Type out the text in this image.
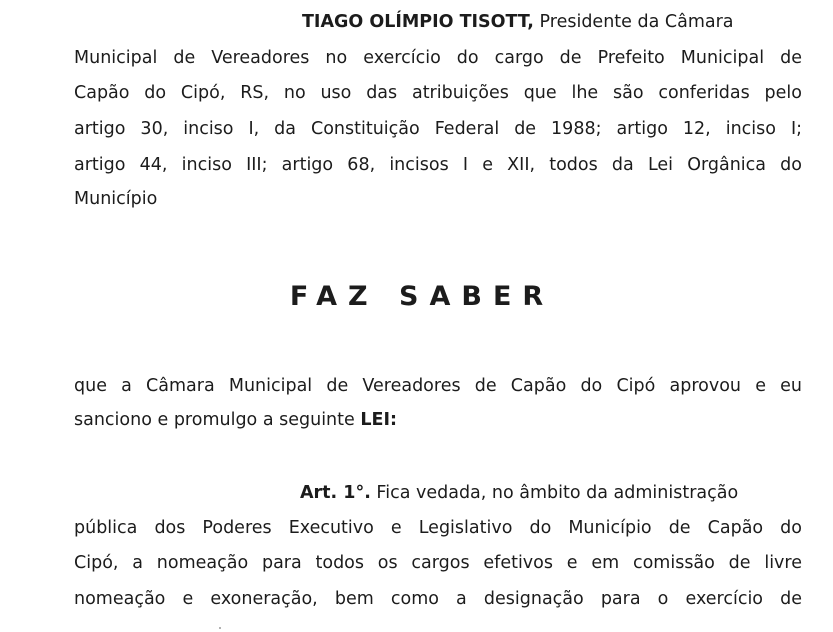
TIAGO OLÍMPIO TISOTT, Presidente da Câmara
Municipal de Vereadores no exercício do cargo de Prefeito Municipal de
Capão do Cipó, RS, no uso das atribuições que lhe são conferidas pelo
artigo 30, inciso I, da Constituição Federal de 1988; artigo 12, inciso I;
artigo 44, inciso III; artigo 68, incisos I e XII, todos da Lei Orgânica do
Município
FAZ SABER
que a Câmara Municipal de Vereadores de Capão do Cipó aprovou e eu
sanciono e promulgo a seguinte LEI:
Art. 1°. Fica vedada, no âmbito da administração
pública dos Poderes Executivo e Legislativo do Município de Capão do
Cipó, a nomeação para todos os cargos efetivos e em comissão de livre
nomeação e exoneração, bem como a designação para o exercício de
